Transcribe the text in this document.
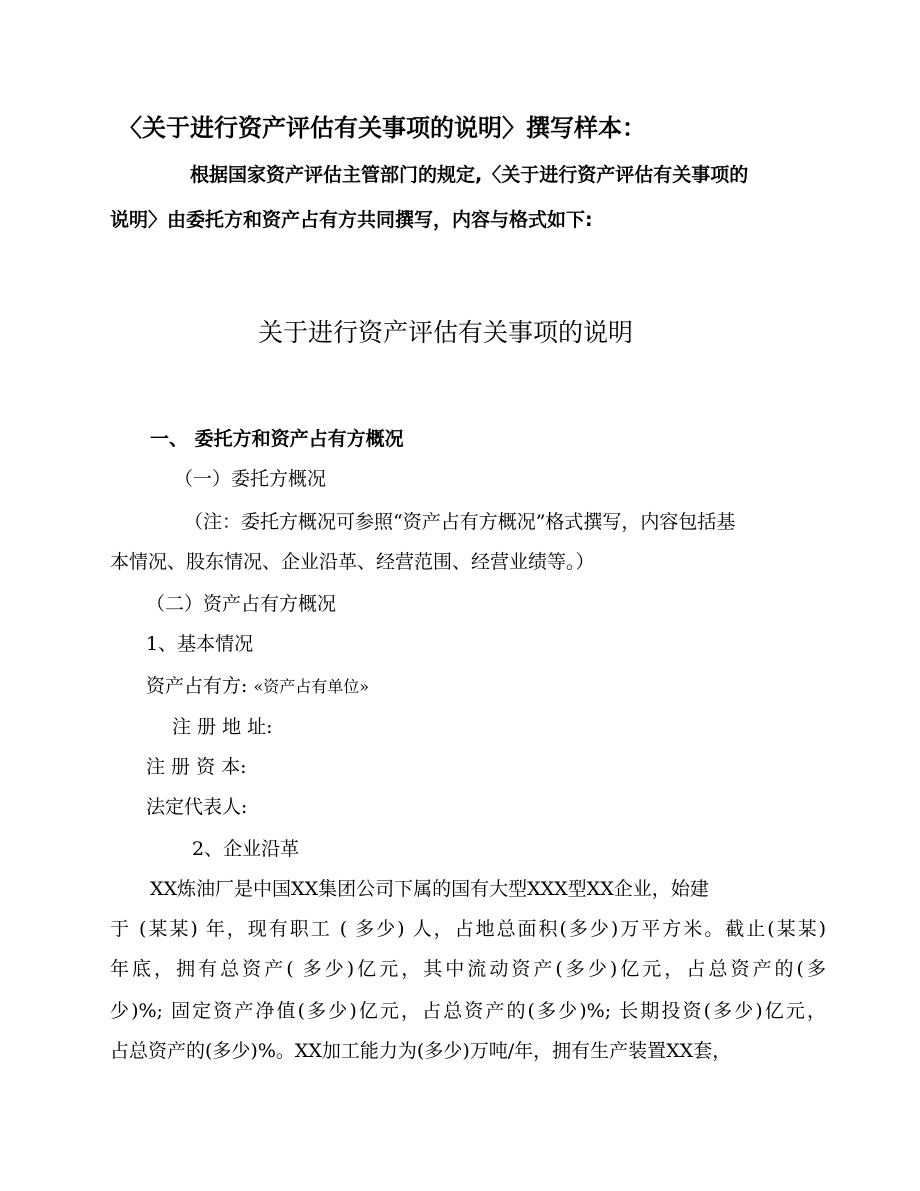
〈关于进行资产评估有关事项的说明〉撰写样本：
根据国家资产评估主管部门的规定,〈关于进行资产评估有关事项的
说明〉由委托方和资产占有方共同撰写，内容与格式如下:
关于进行资产评估有关事项的说明
一、 委托方和资产占有方概况
（一）委托方概况
（注：委托方概况可参照“资产占有方概况”格式撰写，内容包括基
本情况、股东情况、企业沿革、经营范围、经营业绩等。）
（二）资产占有方概况
1、基本情况
资产占有方: «资产占有单位»
注 册 地 址:
注 册 资 本:
法定代表人:
2、企业沿革
XX炼油厂是中国XX集团公司下属的国有大型XXX型XX企业，始建
于 (某某) 年，现有职工 ( 多少) 人，占地总面积(多少)万平方米。截止(某某)
年底，拥有总资产( 多少)亿元，其中流动资产(多少)亿元，占总资产的(多
少)%; 固定资产净值(多少)亿元，占总资产的(多少)%; 长期投资(多少)亿元，
占总资产的(多少)%。XX加工能力为(多少)万吨/年，拥有生产装置XX套，
